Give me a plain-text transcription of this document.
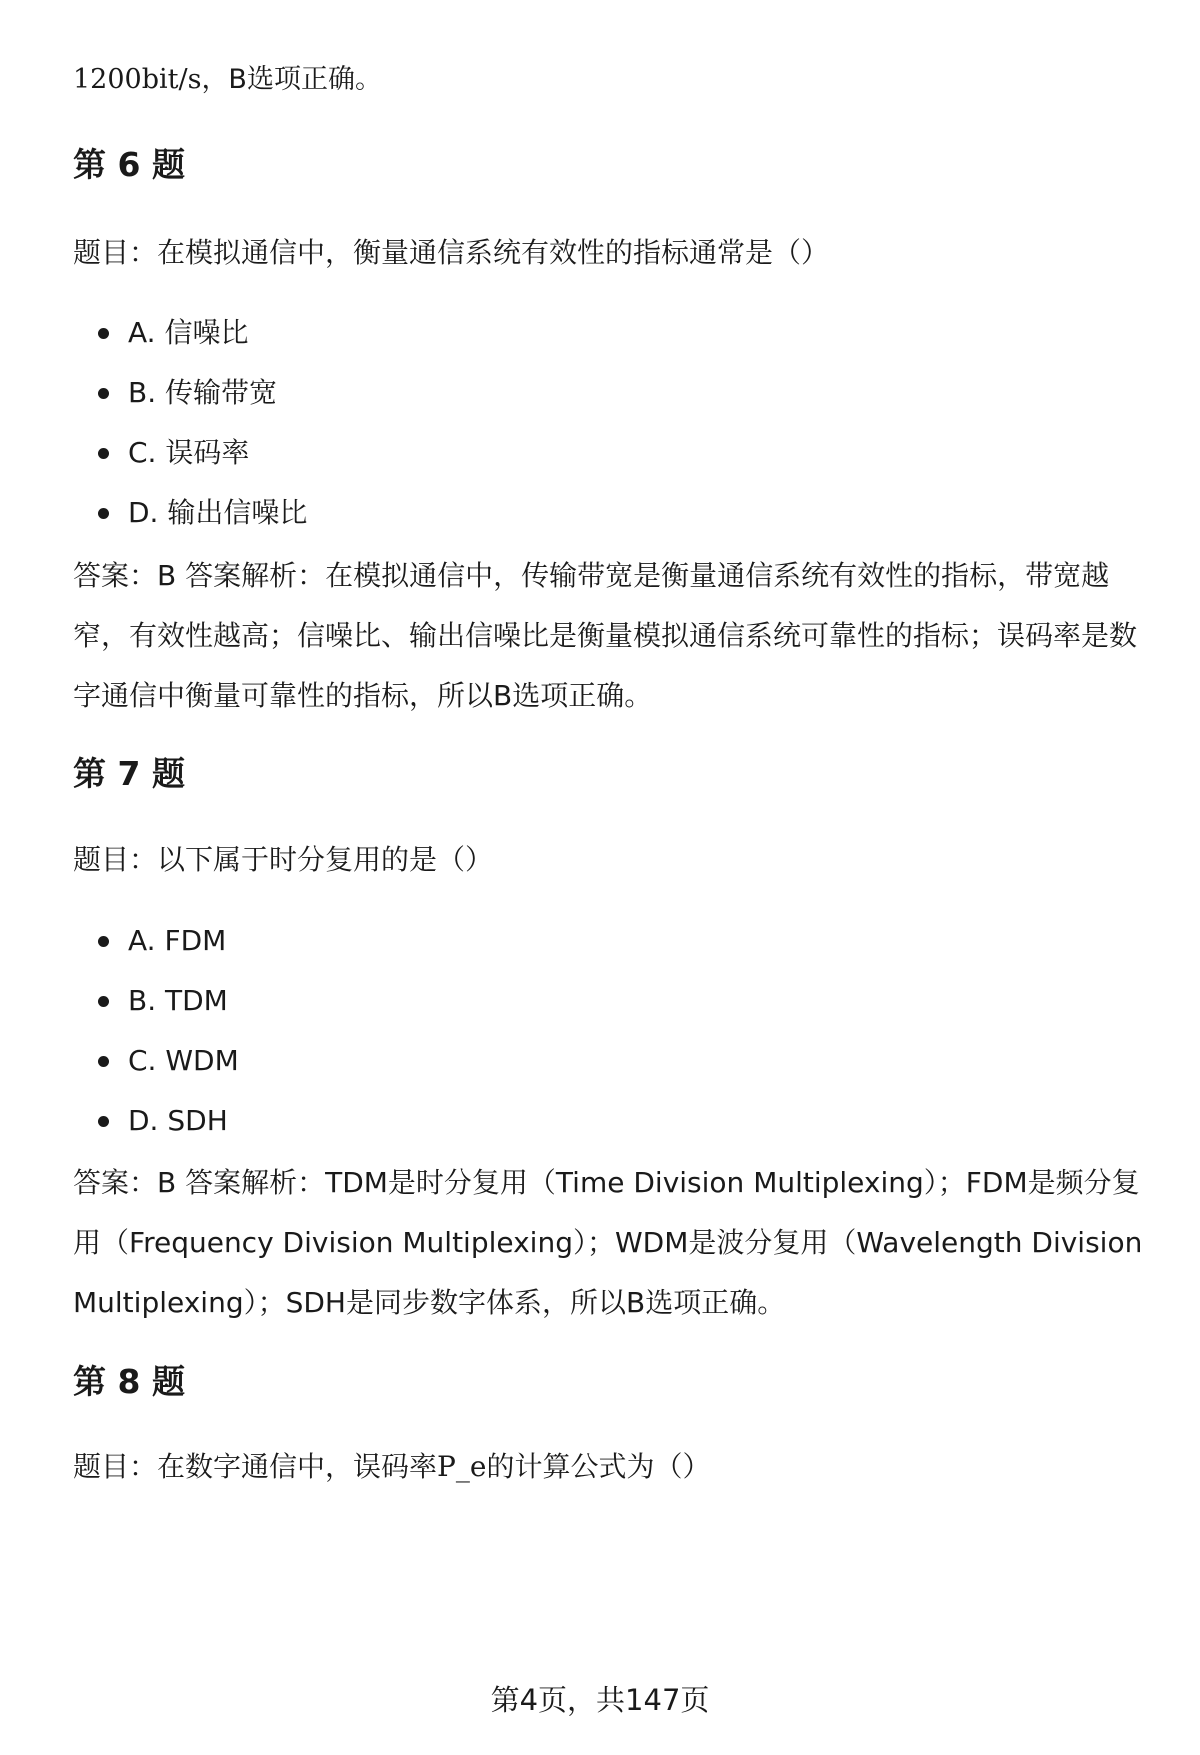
1200bit/s，B选项正确。
第 6 题
题目：在模拟通信中，衡量通信系统有效性的指标通常是（）
A. 信噪比
B. 传输带宽
C. 误码率
D. 输出信噪比
答案：B 答案解析：在模拟通信中，传输带宽是衡量通信系统有效性的指标，带宽越窄，有效性越高；信噪比、输出信噪比是衡量模拟通信系统可靠性的指标；误码率是数字通信中衡量可靠性的指标，所以B选项正确。
第 7 题
题目：以下属于时分复用的是（）
A. FDM
B. TDM
C. WDM
D. SDH
答案：B 答案解析：TDM是时分复用（Time Division Multiplexing）；FDM是频分复用（Frequency Division Multiplexing）；WDM是波分复用（Wavelength Division Multiplexing）；SDH是同步数字体系，所以B选项正确。
第 8 题
题目：在数字通信中，误码率P_e的计算公式为（）
第4页，共147页
